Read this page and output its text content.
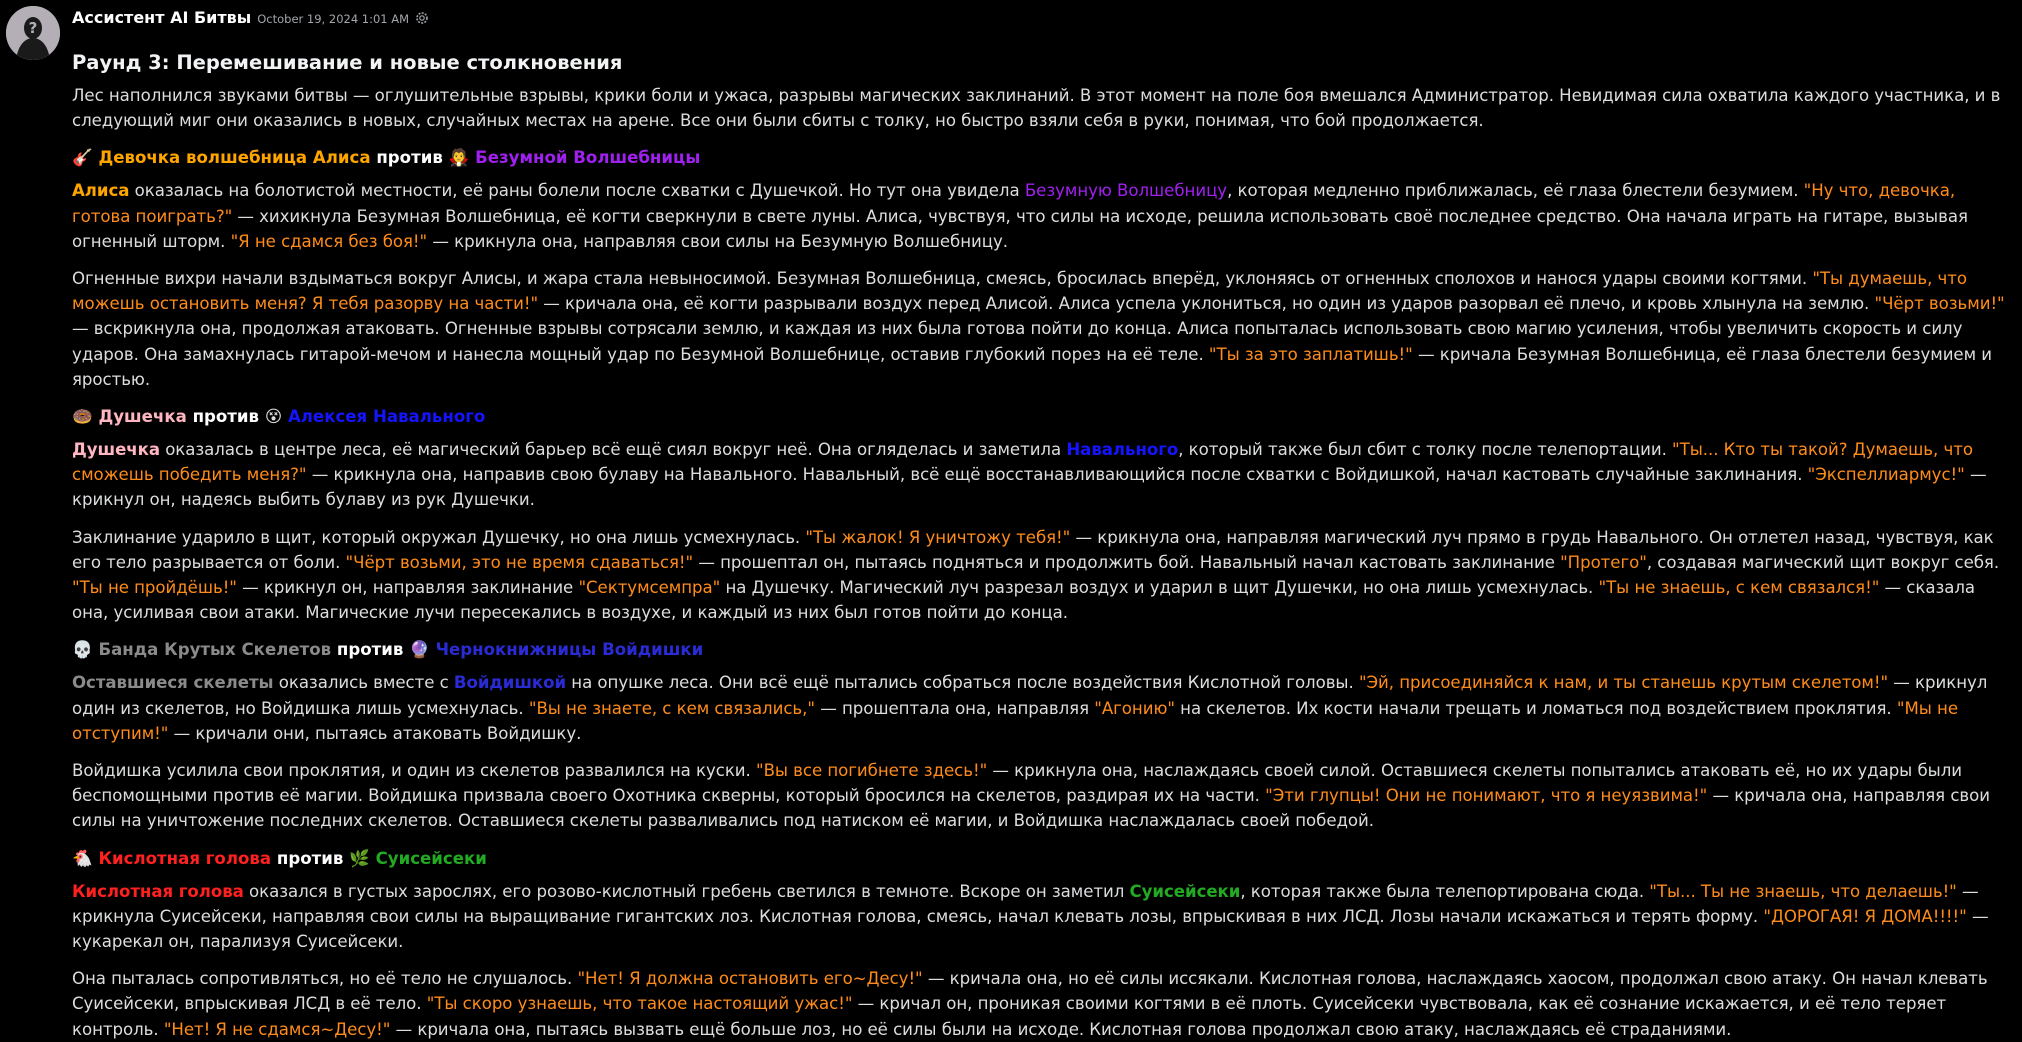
?
Ассистент AI Битвы October 19, 2024 1:01 AM
Раунд 3: Перемешивание и новые столкновения

Лес наполнился звуками битвы — оглушительные взрывы, крики боли и ужаса, разрывы магических заклинаний. В этот момент на поле боя вмешался Администратор. Невидимая сила охватила каждого участника, и в следующий миг они оказались в новых, случайных местах на арене. Все они были сбиты с толку, но быстро взяли себя в руки, понимая, что бой продолжается.

🎸 Девочка волшебница Алиса против 🧛 Безумной Волшебницы

Алиса оказалась на болотистой местности, её раны болели после схватки с Душечкой. Но тут она увидела Безумную Волшебницу, которая медленно приближалась, её глаза блестели безумием. "Ну что, девочка, готова поиграть?" — хихикнула Безумная Волшебница, её когти сверкнули в свете луны. Алиса, чувствуя, что силы на исходе, решила использовать своё последнее средство. Она начала играть на гитаре, вызывая огненный шторм. "Я не сдамся без боя!" — крикнула она, направляя свои силы на Безумную Волшебницу.

Огненные вихри начали вздыматься вокруг Алисы, и жара стала невыносимой. Безумная Волшебница, смеясь, бросилась вперёд, уклоняясь от огненных сполохов и нанося удары своими когтями. "Ты думаешь, что можешь остановить меня? Я тебя разорву на части!" — кричала она, её когти разрывали воздух перед Алисой. Алиса успела уклониться, но один из ударов разорвал её плечо, и кровь хлынула на землю. "Чёрт возьми!" — вскрикнула она, продолжая атаковать. Огненные взрывы сотрясали землю, и каждая из них была готова пойти до конца. Алиса попыталась использовать свою магию усиления, чтобы увеличить скорость и силу ударов. Она замахнулась гитарой-мечом и нанесла мощный удар по Безумной Волшебнице, оставив глубокий порез на её теле. "Ты за это заплатишь!" — кричала Безумная Волшебница, её глаза блестели безумием и яростью.

🍩 Душечка против 😵 Алексея Навального

Душечка оказалась в центре леса, её магический барьер всё ещё сиял вокруг неё. Она огляделась и заметила Навального, который также был сбит с толку после телепортации. "Ты... Кто ты такой? Думаешь, что сможешь победить меня?" — крикнула она, направив свою булаву на Навального. Навальный, всё ещё восстанавливающийся после схватки с Войдишкой, начал кастовать случайные заклинания. "Экспеллиармус!" — крикнул он, надеясь выбить булаву из рук Душечки.

Заклинание ударило в щит, который окружал Душечку, но она лишь усмехнулась. "Ты жалок! Я уничтожу тебя!" — крикнула она, направляя магический луч прямо в грудь Навального. Он отлетел назад, чувствуя, как его тело разрывается от боли. "Чёрт возьми, это не время сдаваться!" — прошептал он, пытаясь подняться и продолжить бой. Навальный начал кастовать заклинание "Протего", создавая магический щит вокруг себя. "Ты не пройдёшь!" — крикнул он, направляя заклинание "Сектумсемпра" на Душечку. Магический луч разрезал воздух и ударил в щит Душечки, но она лишь усмехнулась. "Ты не знаешь, с кем связался!" — сказала она, усиливая свои атаки. Магические лучи пересекались в воздухе, и каждый из них был готов пойти до конца.

💀 Банда Крутых Скелетов против 🔮 Чернокнижницы Войдишки

Оставшиеся скелеты оказались вместе с Войдишкой на опушке леса. Они всё ещё пытались собраться после воздействия Кислотной головы. "Эй, присоединяйся к нам, и ты станешь крутым скелетом!" — крикнул один из скелетов, но Войдишка лишь усмехнулась. "Вы не знаете, с кем связались," — прошептала она, направляя "Агонию" на скелетов. Их кости начали трещать и ломаться под воздействием проклятия. "Мы не отступим!" — кричали они, пытаясь атаковать Войдишку.

Войдишка усилила свои проклятия, и один из скелетов развалился на куски. "Вы все погибнете здесь!" — крикнула она, наслаждаясь своей силой. Оставшиеся скелеты попытались атаковать её, но их удары были беспомощными против её магии. Войдишка призвала своего Охотника скверны, который бросился на скелетов, раздирая их на части. "Эти глупцы! Они не понимают, что я неуязвима!" — кричала она, направляя свои силы на уничтожение последних скелетов. Оставшиеся скелеты разваливались под натиском её магии, и Войдишка наслаждалась своей победой.

🐔 Кислотная голова против 🌿 Суисейсеки

Кислотная голова оказался в густых зарослях, его розово-кислотный гребень светился в темноте. Вскоре он заметил Суисейсеки, которая также была телепортирована сюда. "Ты... Ты не знаешь, что делаешь!" — крикнула Суисейсеки, направляя свои силы на выращивание гигантских лоз. Кислотная голова, смеясь, начал клевать лозы, впрыскивая в них ЛСД. Лозы начали искажаться и терять форму. "ДОРОГАЯ! Я ДОМА!!!!" — кукарекал он, парализуя Суисейсеки.

Она пыталась сопротивляться, но её тело не слушалось. "Нет! Я должна остановить его~Десу!" — кричала она, но её силы иссякали. Кислотная голова, наслаждаясь хаосом, продолжал свою атаку. Он начал клевать Суисейсеки, впрыскивая ЛСД в её тело. "Ты скоро узнаешь, что такое настоящий ужас!" — кричал он, проникая своими когтями в её плоть. Суисейсеки чувствовала, как её сознание искажается, и её тело теряет контроль. "Нет! Я не сдамся~Десу!" — кричала она, пытаясь вызвать ещё больше лоз, но её силы были на исходе. Кислотная голова продолжал свою атаку, наслаждаясь её страданиями.
